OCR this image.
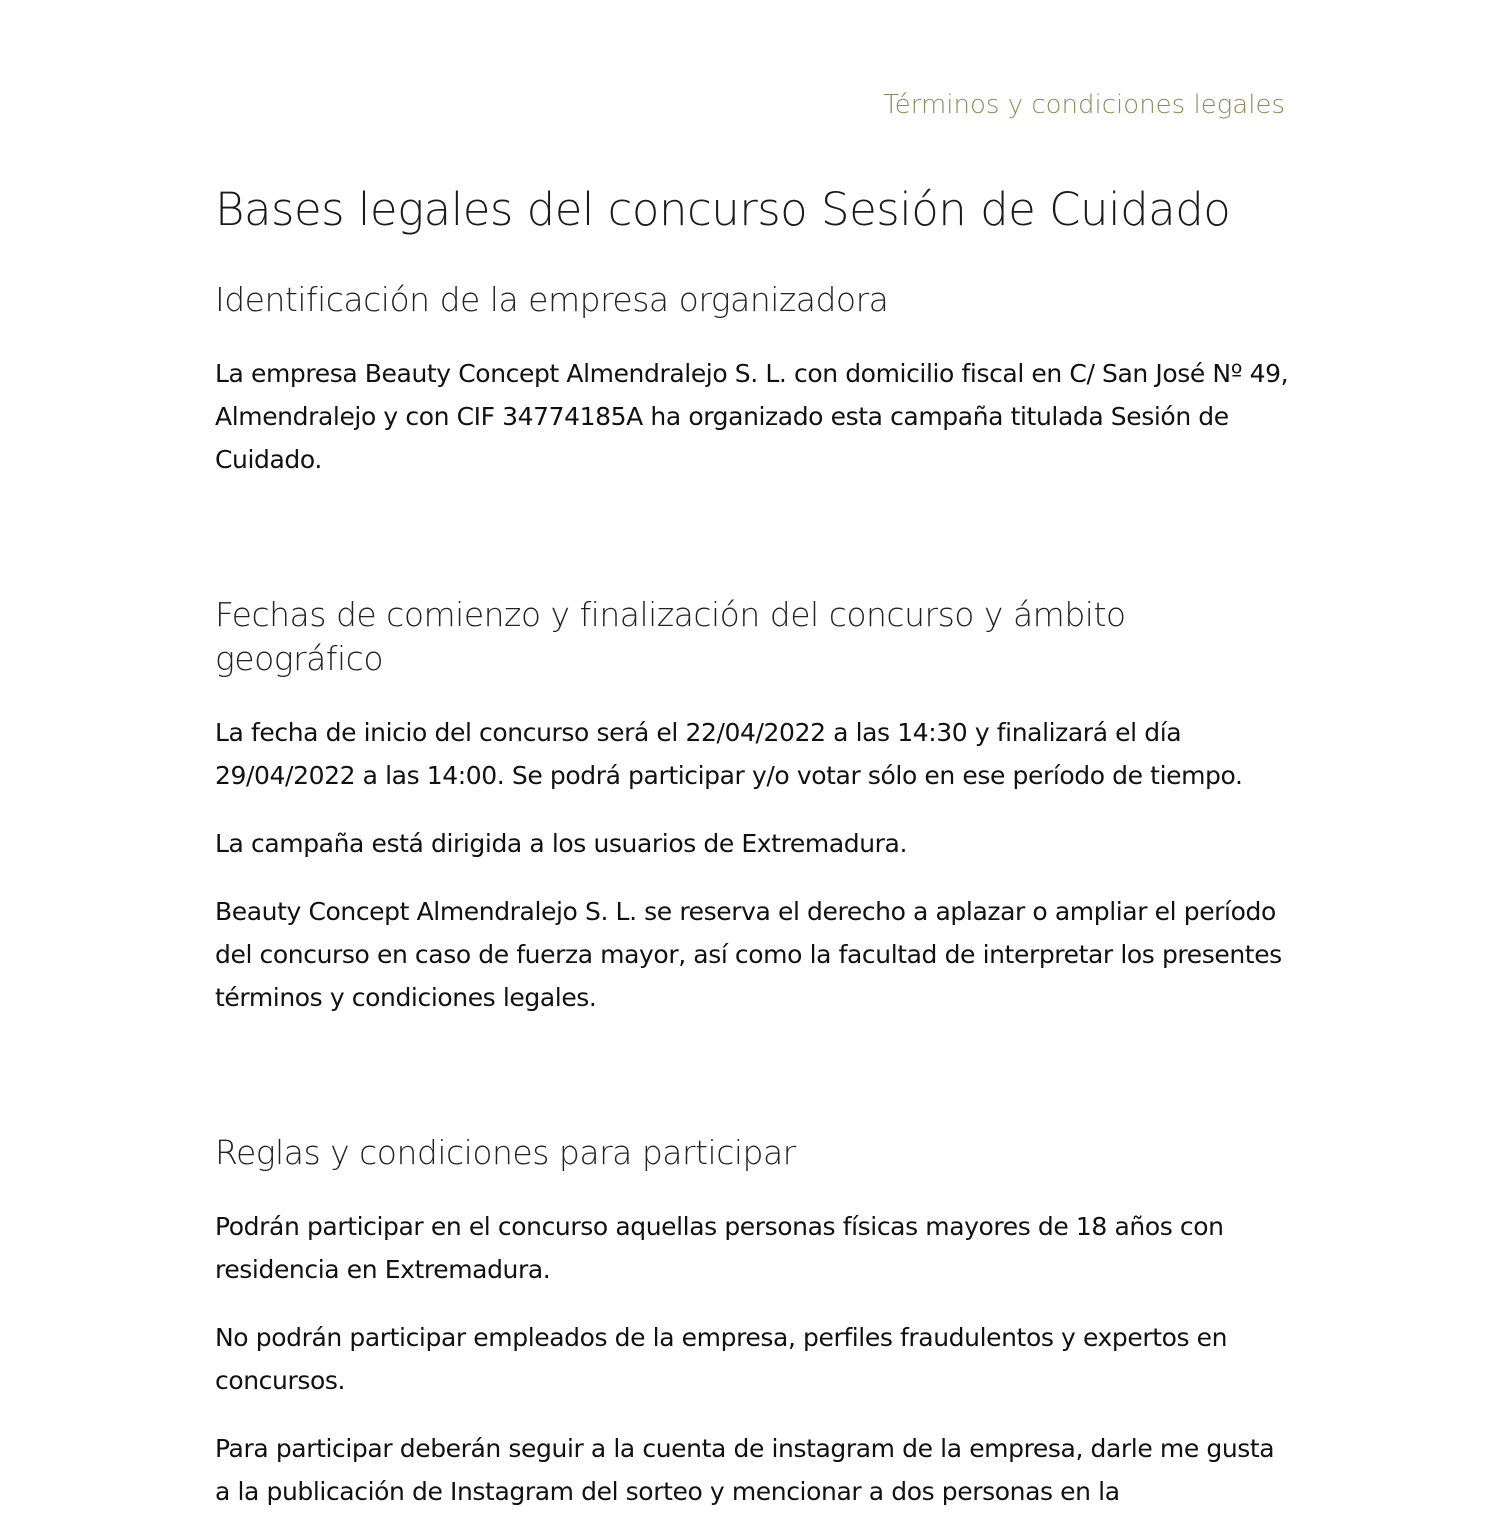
Términos y condiciones legales
Bases legales del concurso Sesión de Cuidado
Identificación de la empresa organizadora

La empresa Beauty Concept Almendralejo S. L. con domicilio fiscal en C/ San José Nº 49, Almendralejo y con CIF 34774185A ha organizado esta campaña titulada Sesión de Cuidado.

Fechas de comienzo y finalización del concurso y ámbito geográfico

La fecha de inicio del concurso será el 22/04/2022 a las 14:30 y finalizará el día 29/04/2022 a las 14:00. Se podrá participar y/o votar sólo en ese período de tiempo.

La campaña está dirigida a los usuarios de Extremadura.

Beauty Concept Almendralejo S. L. se reserva el derecho a aplazar o ampliar el período del concurso en caso de fuerza mayor, así como la facultad de interpretar los presentes términos y condiciones legales.

Reglas y condiciones para participar

Podrán participar en el concurso aquellas personas físicas mayores de 18 años con residencia en Extremadura.

No podrán participar empleados de la empresa, perfiles fraudulentos y expertos en concursos.

Para participar deberán seguir a la cuenta de instagram de la empresa, darle me gusta a la publicación de Instagram del sorteo y mencionar a dos personas en la
